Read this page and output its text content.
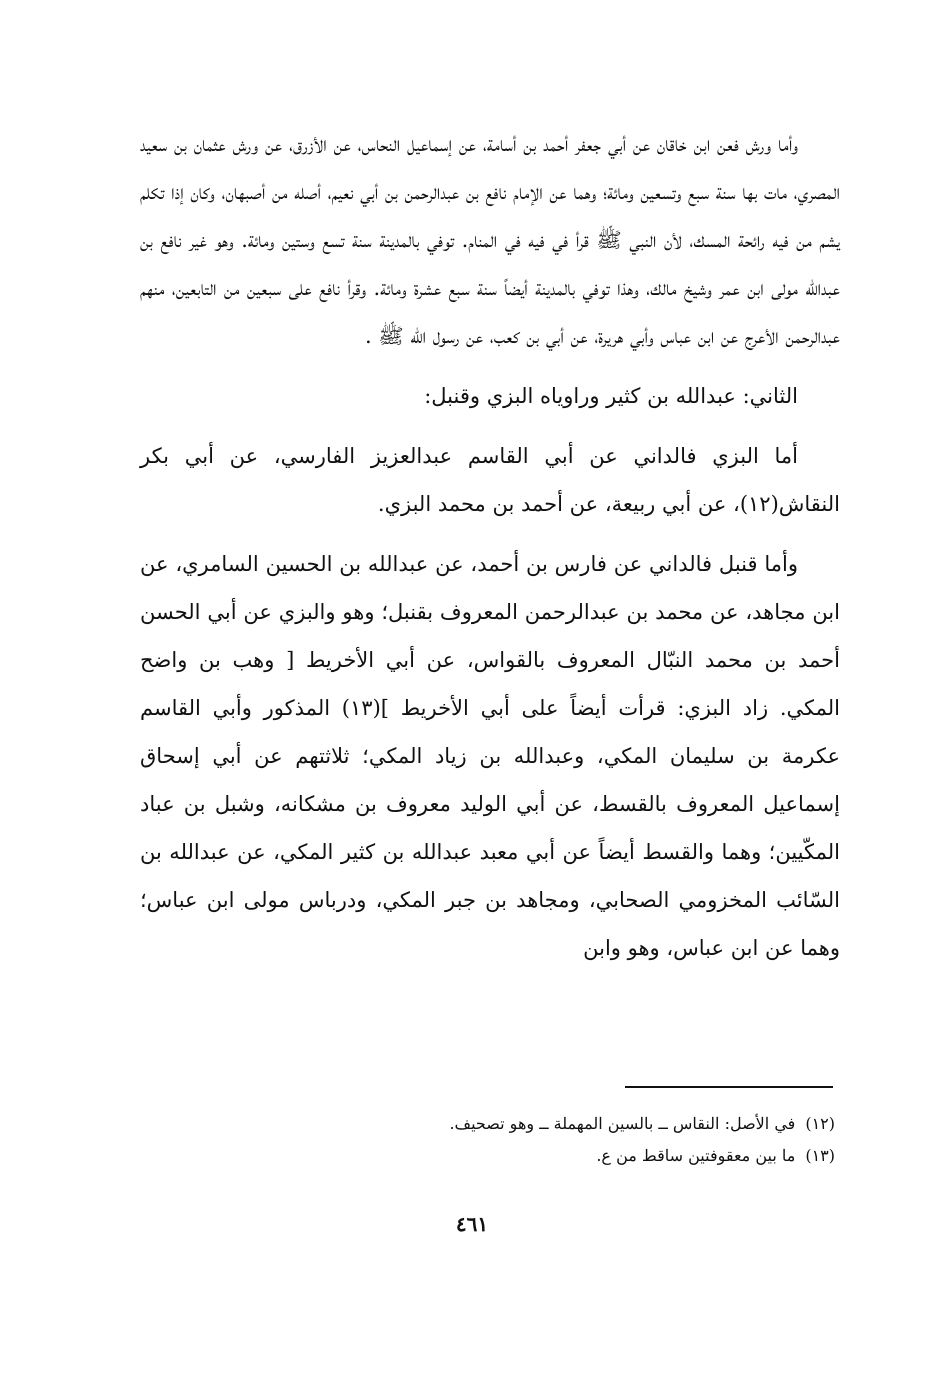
وأما ورش فعن ابن خاقان عن أبي جعفر أحمد بن أسامة، عن إسماعيل النحاس، عن الأزرق، عن ورش عثمان بن سعيد المصري، مات بها سنة سبع وتسعين ومائة؛ وهما عن الإمام نافع بن عبدالرحمن بن أبي نعيم، أصله من أصبهان، وكان إذا تكلم يشم من فيه رائحة المسك، لأن النبي ﷺ قرأ في فيه في المنام. توفي بالمدينة سنة تسع وستين ومائة. وهو غير نافع بن عبدالله مولى ابن عمر وشيخ مالك، وهذا توفي بالمدينة أيضاً سنة سبع عشرة ومائة. وقرأ نافع على سبعين من التابعين، منهم عبدالرحمن الأعرج عن ابن عباس وأبي هريرة، عن أبي بن كعب، عن رسول الله ﷺ .

الثاني: عبدالله بن كثير وراوياه البزي وقنبل:

أما البزي فالداني عن أبي القاسم عبدالعزيز الفارسي، عن أبي بكر النقاش(١٢)، عن أبي ربيعة، عن أحمد بن محمد البزي.

وأما قنبل فالداني عن فارس بن أحمد، عن عبدالله بن الحسين السامري، عن ابن مجاهد، عن محمد بن عبدالرحمن المعروف بقنبل؛ وهو والبزي عن أبي الحسن أحمد بن محمد النبّال المعروف بالقواس، عن أبي الأخريط [ وهب بن واضح المكي. زاد البزي: قرأت أيضاً على أبي الأخريط ](١٣) المذكور وأبي القاسم عكرمة بن سليمان المكي، وعبدالله بن زياد المكي؛ ثلاثتهم عن أبي إسحاق إسماعيل المعروف بالقسط، عن أبي الوليد معروف بن مشكانه، وشبل بن عباد المكّيين؛ وهما والقسط أيضاً عن أبي معبد عبدالله بن كثير المكي، عن عبدالله بن السّائب المخزومي الصحابي، ومجاهد بن جبر المكي، ودرباس مولى ابن عباس؛ وهما عن ابن عباس، وهو وابن

(١٢)في الأصل: النقاس ــ بالسين المهملة ــ وهو تصحيف.

(١٣)ما بين معقوفتين ساقط من ع.

٤٦١
